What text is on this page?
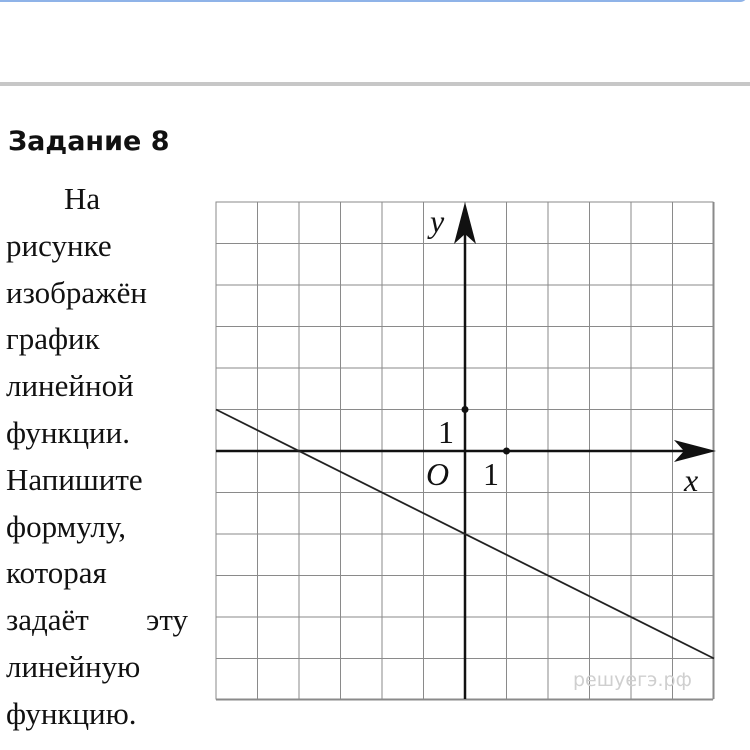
Задание 8
На рисунке изображён график линейной функции. Напишите формулу, которая задаёт эту линейную функцию.
y
x
O 1
1
решуегэ.рф
